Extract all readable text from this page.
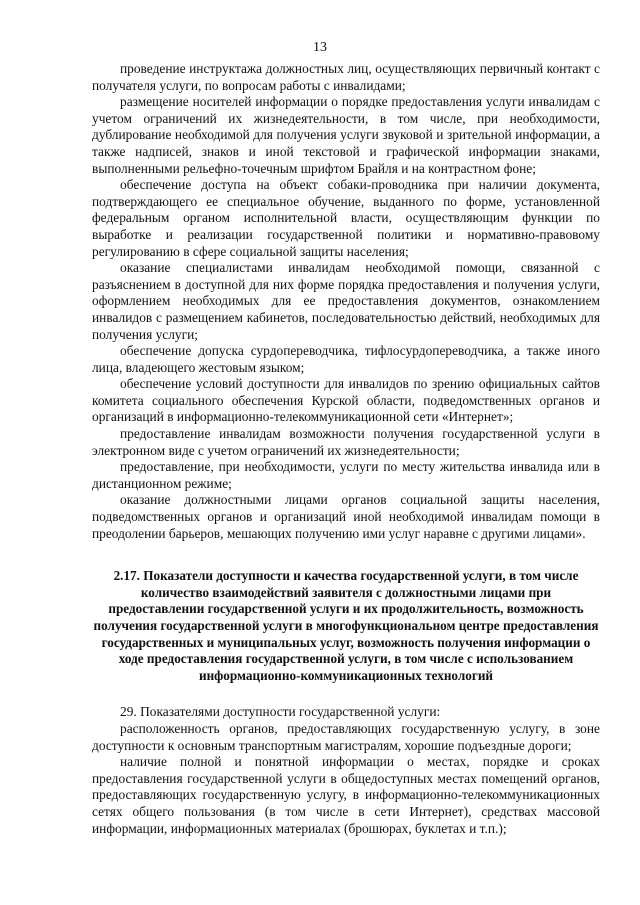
13

проведение инструктажа должностных лиц, осуществляющих первичный контакт с получателя услуги, по вопросам работы с инвалидами;

размещение носителей информации о порядке предоставления услуги инвалидам с учетом ограничений их жизнедеятельности, в том числе, при необходимости, дублирование необходимой для получения услуги звуковой и зрительной информации, а также надписей, знаков и иной текстовой и графической информации знаками, выполненными рельефно-точечным шрифтом Брайля и на контрастном фоне;

обеспечение доступа на объект собаки-проводника при наличии документа, подтверждающего ее специальное обучение, выданного по форме, установленной федеральным органом исполнительной власти, осуществляющим функции по выработке и реализации государственной политики и нормативно-правовому регулированию в сфере социальной защиты населения;

оказание специалистами инвалидам необходимой помощи, связанной с разъяснением в доступной для них форме порядка предоставления и получения услуги, оформлением необходимых для ее предоставления документов, ознакомлением инвалидов с размещением кабинетов, последовательностью действий, необходимых для получения услуги;

обеспечение допуска сурдопереводчика, тифлосурдопереводчика, а также иного лица, владеющего жестовым языком;

обеспечение условий доступности для инвалидов по зрению официальных сайтов комитета социального обеспечения Курской области, подведомственных органов и организаций в информационно-телекоммуникационной сети «Интернет»;

предоставление инвалидам возможности получения государственной услуги в электронном виде с учетом ограничений их жизнедеятельности;

предоставление, при необходимости, услуги по месту жительства инвалида или в дистанционном режиме;

оказание должностными лицами органов социальной защиты населения, подведомственных органов и организаций иной необходимой инвалидам помощи в преодолении барьеров, мешающих получению ими услуг наравне с другими лицами».

2.17. Показатели доступности и качества государственной услуги, в том числе количество взаимодействий заявителя с должностными лицами при предоставлении государственной услуги и их продолжительность, возможность получения государственной услуги в многофункциональном центре предоставления государственных и муниципальных услуг, возможность получения информации о ходе предоставления государственной услуги, в том числе с использованием информационно-коммуникационных технологий

29. Показателями доступности государственной услуги:

расположенность органов, предоставляющих государственную услугу, в зоне доступности к основным транспортным магистралям, хорошие подъездные дороги;

наличие полной и понятной информации о местах, порядке и сроках предоставления государственной услуги в общедоступных местах помещений органов, предоставляющих государственную услугу, в информационно-телекоммуникационных сетях общего пользования (в том числе в сети Интернет), средствах массовой информации, информационных материалах (брошюрах, буклетах и т.п.);
